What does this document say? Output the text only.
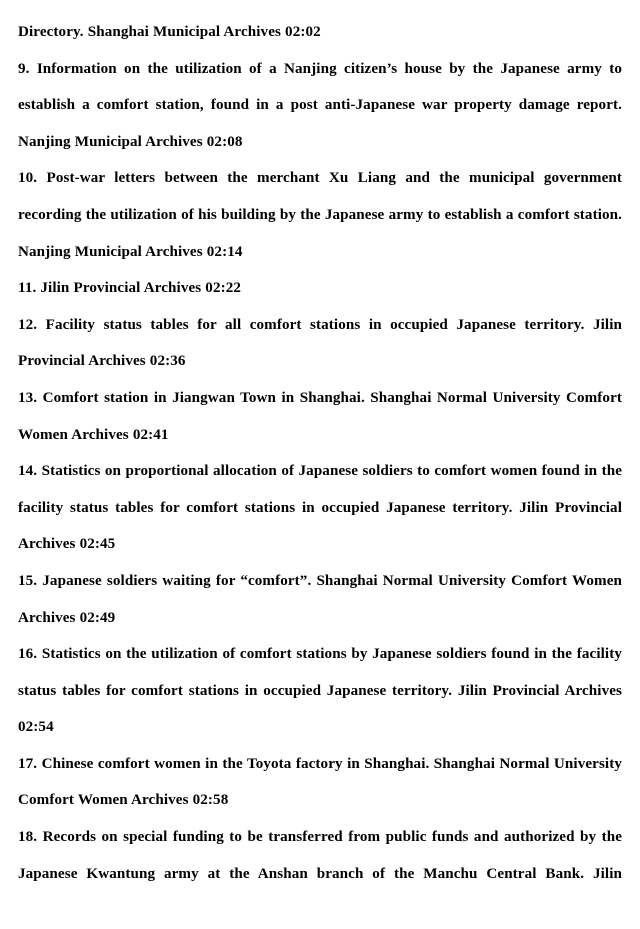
Directory. Shanghai Municipal Archives 02:02

9. Information on the utilization of a Nanjing citizen’s house by the Japanese army to establish a comfort station, found in a post anti-Japanese war property damage report. Nanjing Municipal Archives 02:08

10. Post-war letters between the merchant Xu Liang and the municipal government recording the utilization of his building by the Japanese army to establish a comfort station. Nanjing Municipal Archives 02:14

11. Jilin Provincial Archives 02:22

12. Facility status tables for all comfort stations in occupied Japanese territory. Jilin Provincial Archives 02:36

13. Comfort station in Jiangwan Town in Shanghai. Shanghai Normal University Comfort Women Archives 02:41

14. Statistics on proportional allocation of Japanese soldiers to comfort women found in the facility status tables for comfort stations in occupied Japanese territory. Jilin Provincial Archives 02:45

15. Japanese soldiers waiting for “comfort”. Shanghai Normal University Comfort Women Archives 02:49

16. Statistics on the utilization of comfort stations by Japanese soldiers found in the facility status tables for comfort stations in occupied Japanese territory. Jilin Provincial Archives 02:54

17. Chinese comfort women in the Toyota factory in Shanghai. Shanghai Normal University Comfort Women Archives 02:58

18. Records on special funding to be transferred from public funds and authorized by the Japanese Kwantung army at the Anshan branch of the Manchu Central Bank. Jilin
